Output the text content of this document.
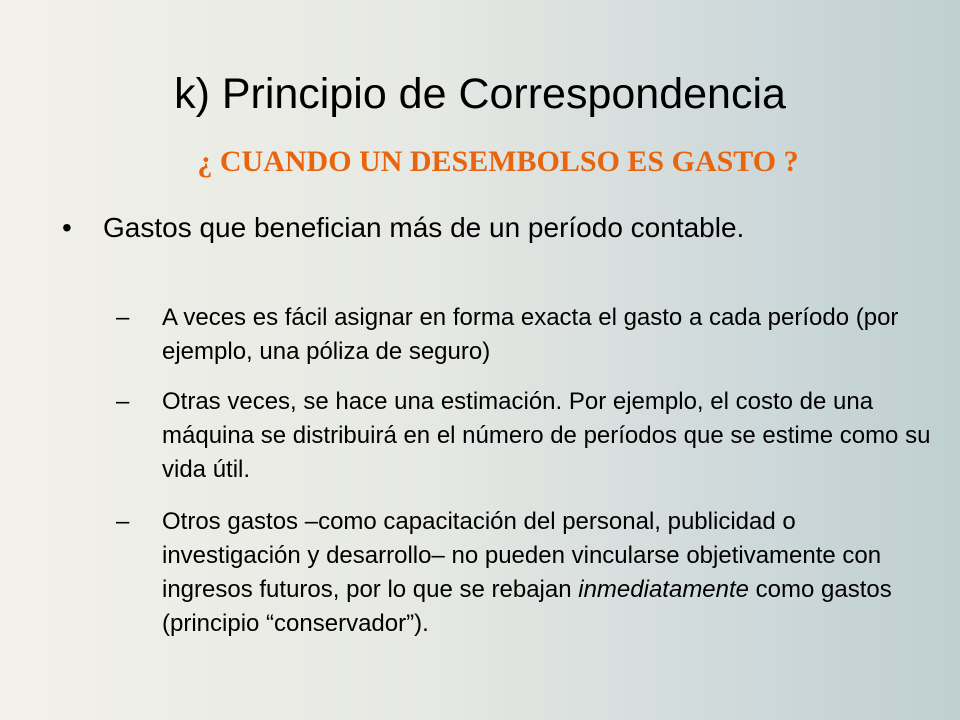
k) Principio de Correspondencia
¿ CUANDO UN DESEMBOLSO ES GASTO ?
• Gastos que benefician más de un período contable.
– A veces es fácil asignar en forma exacta el gasto a cada período (por ejemplo, una póliza de seguro)
– Otras veces, se hace una estimación. Por ejemplo, el costo de una máquina se distribuirá en el número de períodos que se estime como su vida útil.
– Otros gastos –como capacitación del personal, publicidad o investigación y desarrollo– no pueden vincularse objetivamente con ingresos futuros, por lo que se rebajan inmediatamente como gastos (principio “conservador”).
